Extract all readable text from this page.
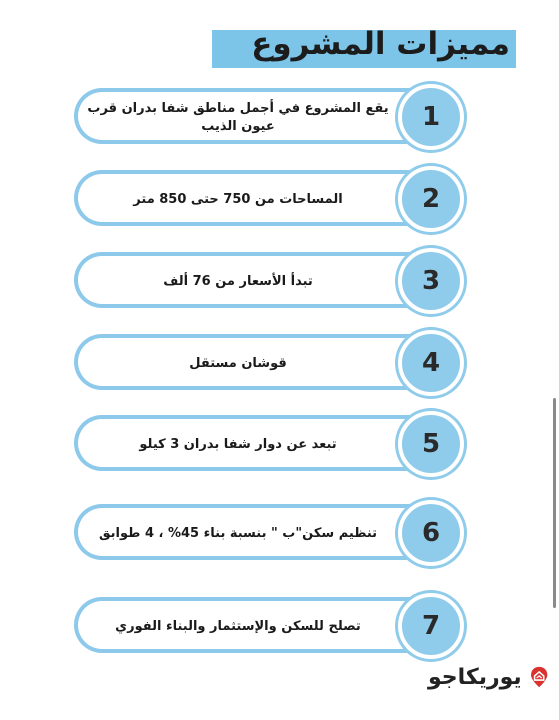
مميزات المشروع
يقع المشروع في أجمل مناطق شفا بدران قرب عيون الذيب	1
المساحات من 750 حتى 850 متر	2
تبدأ الأسعار من 76 ألف	3
قوشان مستقل	4
تبعد عن دوار شفا بدران 3 كيلو	5
تنظيم سكن"ب " بنسبة بناء 45% ، 4 طوابق	6
تصلح للسكن والإستثمار والبناء الفوري	7
يوريكاجو
